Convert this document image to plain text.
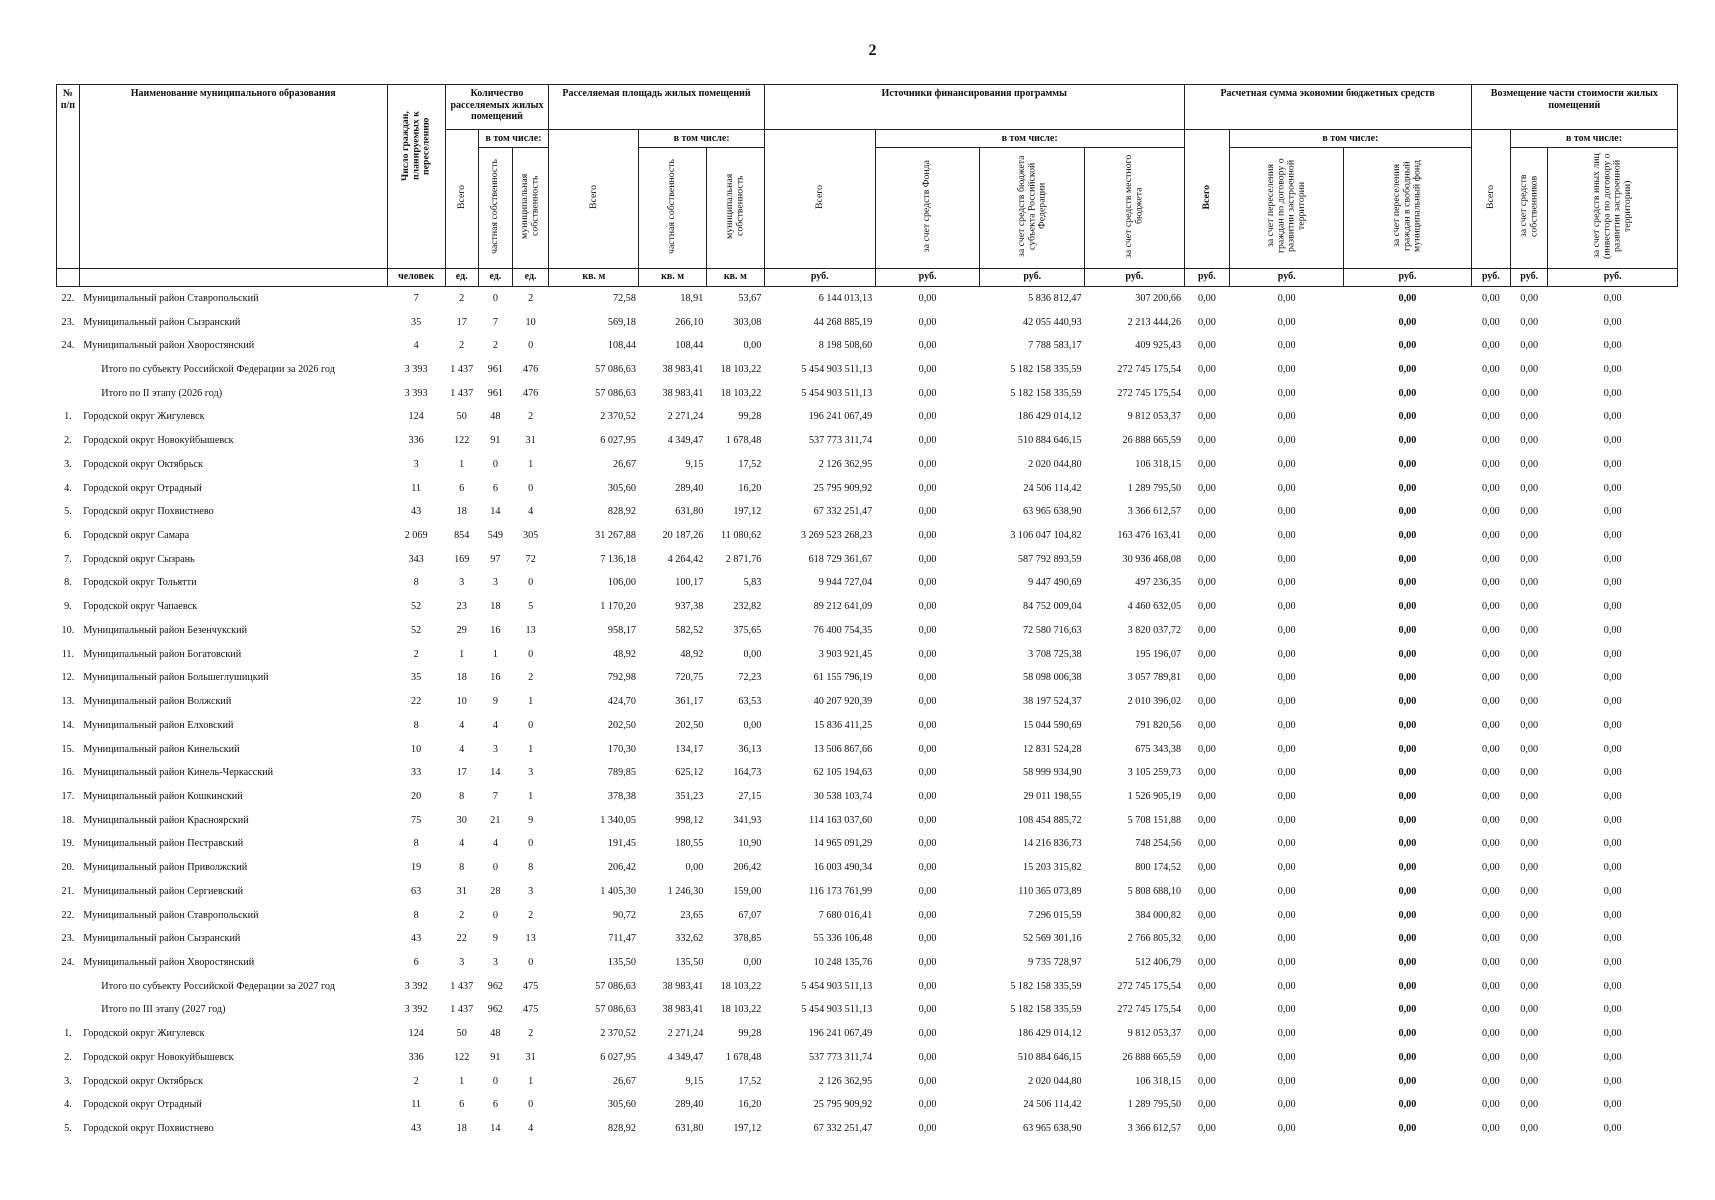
2
№ п/п	Наименование муниципального образования	Число граждан, планируемых к переселению	Количество расселяемых жилых помещений			Расселяемая площадь жилых помещений			Источники финансирования программы				Расчетная сумма экономии бюджетных средств			Возмещение части стоимости жилых помещений		
			Всего	в том числе:		Всего	в том числе:		Всего	в том числе:			Всего	в том числе:		Всего	в том числе:	
				частная собственность	муниципальная собственность		частная собственность	муниципальная собственность		за счет средств Фонда	за счет средств бюджета субъекта Российской Федерации	за счет средств местного бюджета		за счет переселения граждан по договору о развитии застроенной территории	за счет переселения граждан в свободный муниципальный фонд		за счет средств собственников	за счет средств иных лиц (инвестора по договору о развитии застроенной территории)
		человек	ед.	ед.	ед.	кв. м	кв. м	кв. м	руб.	руб.	руб.	руб.	руб.	руб.	руб.	руб.	руб.	руб.
22.	Муниципальный район Ставропольский	7	2	0	2	72,58	18,91	53,67	6 144 013,13	0,00	5 836 812,47	307 200,66	0,00	0,00	0,00	0,00	0,00	0,00
23.	Муниципальный район Сызранский	35	17	7	10	569,18	266,10	303,08	44 268 885,19	0,00	42 055 440,93	2 213 444,26	0,00	0,00	0,00	0,00	0,00	0,00
24.	Муниципальный район Хворостянский	4	2	2	0	108,44	108,44	0,00	8 198 508,60	0,00	7 788 583,17	409 925,43	0,00	0,00	0,00	0,00	0,00	0,00
	Итого по субъекту Российской Федерации за 2026 год	3 393	1 437	961	476	57 086,63	38 983,41	18 103,22	5 454 903 511,13	0,00	5 182 158 335,59	272 745 175,54	0,00	0,00	0,00	0,00	0,00	0,00
	Итого по II этапу (2026 год)	3 393	1 437	961	476	57 086,63	38 983,41	18 103,22	5 454 903 511,13	0,00	5 182 158 335,59	272 745 175,54	0,00	0,00	0,00	0,00	0,00	0,00
1.	Городской округ Жигулевск	124	50	48	2	2 370,52	2 271,24	99,28	196 241 067,49	0,00	186 429 014,12	9 812 053,37	0,00	0,00	0,00	0,00	0,00	0,00
2.	Городской округ Новокуйбышевск	336	122	91	31	6 027,95	4 349,47	1 678,48	537 773 311,74	0,00	510 884 646,15	26 888 665,59	0,00	0,00	0,00	0,00	0,00	0,00
3.	Городской округ Октябрьск	3	1	0	1	26,67	9,15	17,52	2 126 362,95	0,00	2 020 044,80	106 318,15	0,00	0,00	0,00	0,00	0,00	0,00
4.	Городской округ Отрадный	11	6	6	0	305,60	289,40	16,20	25 795 909,92	0,00	24 506 114,42	1 289 795,50	0,00	0,00	0,00	0,00	0,00	0,00
5.	Городской округ Похвистнево	43	18	14	4	828,92	631,80	197,12	67 332 251,47	0,00	63 965 638,90	3 366 612,57	0,00	0,00	0,00	0,00	0,00	0,00
6.	Городской округ Самара	2 069	854	549	305	31 267,88	20 187,26	11 080,62	3 269 523 268,23	0,00	3 106 047 104,82	163 476 163,41	0,00	0,00	0,00	0,00	0,00	0,00
7.	Городской округ Сызрань	343	169	97	72	7 136,18	4 264,42	2 871,76	618 729 361,67	0,00	587 792 893,59	30 936 468,08	0,00	0,00	0,00	0,00	0,00	0,00
8.	Городской округ Тольятти	8	3	3	0	106,00	100,17	5,83	9 944 727,04	0,00	9 447 490,69	497 236,35	0,00	0,00	0,00	0,00	0,00	0,00
9.	Городской округ Чапаевск	52	23	18	5	1 170,20	937,38	232,82	89 212 641,09	0,00	84 752 009,04	4 460 632,05	0,00	0,00	0,00	0,00	0,00	0,00
10.	Муниципальный район Безенчукский	52	29	16	13	958,17	582,52	375,65	76 400 754,35	0,00	72 580 716,63	3 820 037,72	0,00	0,00	0,00	0,00	0,00	0,00
11.	Муниципальный район Богатовский	2	1	1	0	48,92	48,92	0,00	3 903 921,45	0,00	3 708 725,38	195 196,07	0,00	0,00	0,00	0,00	0,00	0,00
12.	Муниципальный район Большеглушицкий	35	18	16	2	792,98	720,75	72,23	61 155 796,19	0,00	58 098 006,38	3 057 789,81	0,00	0,00	0,00	0,00	0,00	0,00
13.	Муниципальный район Волжский	22	10	9	1	424,70	361,17	63,53	40 207 920,39	0,00	38 197 524,37	2 010 396,02	0,00	0,00	0,00	0,00	0,00	0,00
14.	Муниципальный район Елховский	8	4	4	0	202,50	202,50	0,00	15 836 411,25	0,00	15 044 590,69	791 820,56	0,00	0,00	0,00	0,00	0,00	0,00
15.	Муниципальный район Кинельский	10	4	3	1	170,30	134,17	36,13	13 506 867,66	0,00	12 831 524,28	675 343,38	0,00	0,00	0,00	0,00	0,00	0,00
16.	Муниципальный район Кинель-Черкасский	33	17	14	3	789,85	625,12	164,73	62 105 194,63	0,00	58 999 934,90	3 105 259,73	0,00	0,00	0,00	0,00	0,00	0,00
17.	Муниципальный район Кошкинский	20	8	7	1	378,38	351,23	27,15	30 538 103,74	0,00	29 011 198,55	1 526 905,19	0,00	0,00	0,00	0,00	0,00	0,00
18.	Муниципальный район Красноярский	75	30	21	9	1 340,05	998,12	341,93	114 163 037,60	0,00	108 454 885,72	5 708 151,88	0,00	0,00	0,00	0,00	0,00	0,00
19.	Муниципальный район Пестравский	8	4	4	0	191,45	180,55	10,90	14 965 091,29	0,00	14 216 836,73	748 254,56	0,00	0,00	0,00	0,00	0,00	0,00
20.	Муниципальный район Приволжский	19	8	0	8	206,42	0,00	206,42	16 003 490,34	0,00	15 203 315,82	800 174,52	0,00	0,00	0,00	0,00	0,00	0,00
21.	Муниципальный район Сергиевский	63	31	28	3	1 405,30	1 246,30	159,00	116 173 761,99	0,00	110 365 073,89	5 808 688,10	0,00	0,00	0,00	0,00	0,00	0,00
22.	Муниципальный район Ставропольский	8	2	0	2	90,72	23,65	67,07	7 680 016,41	0,00	7 296 015,59	384 000,82	0,00	0,00	0,00	0,00	0,00	0,00
23.	Муниципальный район Сызранский	43	22	9	13	711,47	332,62	378,85	55 336 106,48	0,00	52 569 301,16	2 766 805,32	0,00	0,00	0,00	0,00	0,00	0,00
24.	Муниципальный район Хворостянский	6	3	3	0	135,50	135,50	0,00	10 248 135,76	0,00	9 735 728,97	512 406,79	0,00	0,00	0,00	0,00	0,00	0,00
	Итого по субъекту Российской Федерации за 2027 год	3 392	1 437	962	475	57 086,63	38 983,41	18 103,22	5 454 903 511,13	0,00	5 182 158 335,59	272 745 175,54	0,00	0,00	0,00	0,00	0,00	0,00
	Итого по III этапу (2027 год)	3 392	1 437	962	475	57 086,63	38 983,41	18 103,22	5 454 903 511,13	0,00	5 182 158 335,59	272 745 175,54	0,00	0,00	0,00	0,00	0,00	0,00
1.	Городской округ Жигулевск	124	50	48	2	2 370,52	2 271,24	99,28	196 241 067,49	0,00	186 429 014,12	9 812 053,37	0,00	0,00	0,00	0,00	0,00	0,00
2.	Городской округ Новокуйбышевск	336	122	91	31	6 027,95	4 349,47	1 678,48	537 773 311,74	0,00	510 884 646,15	26 888 665,59	0,00	0,00	0,00	0,00	0,00	0,00
3.	Городской округ Октябрьск	2	1	0	1	26,67	9,15	17,52	2 126 362,95	0,00	2 020 044,80	106 318,15	0,00	0,00	0,00	0,00	0,00	0,00
4.	Городской округ Отрадный	11	6	6	0	305,60	289,40	16,20	25 795 909,92	0,00	24 506 114,42	1 289 795,50	0,00	0,00	0,00	0,00	0,00	0,00
5.	Городской округ Похвистнево	43	18	14	4	828,92	631,80	197,12	67 332 251,47	0,00	63 965 638,90	3 366 612,57	0,00	0,00	0,00	0,00	0,00	0,00
